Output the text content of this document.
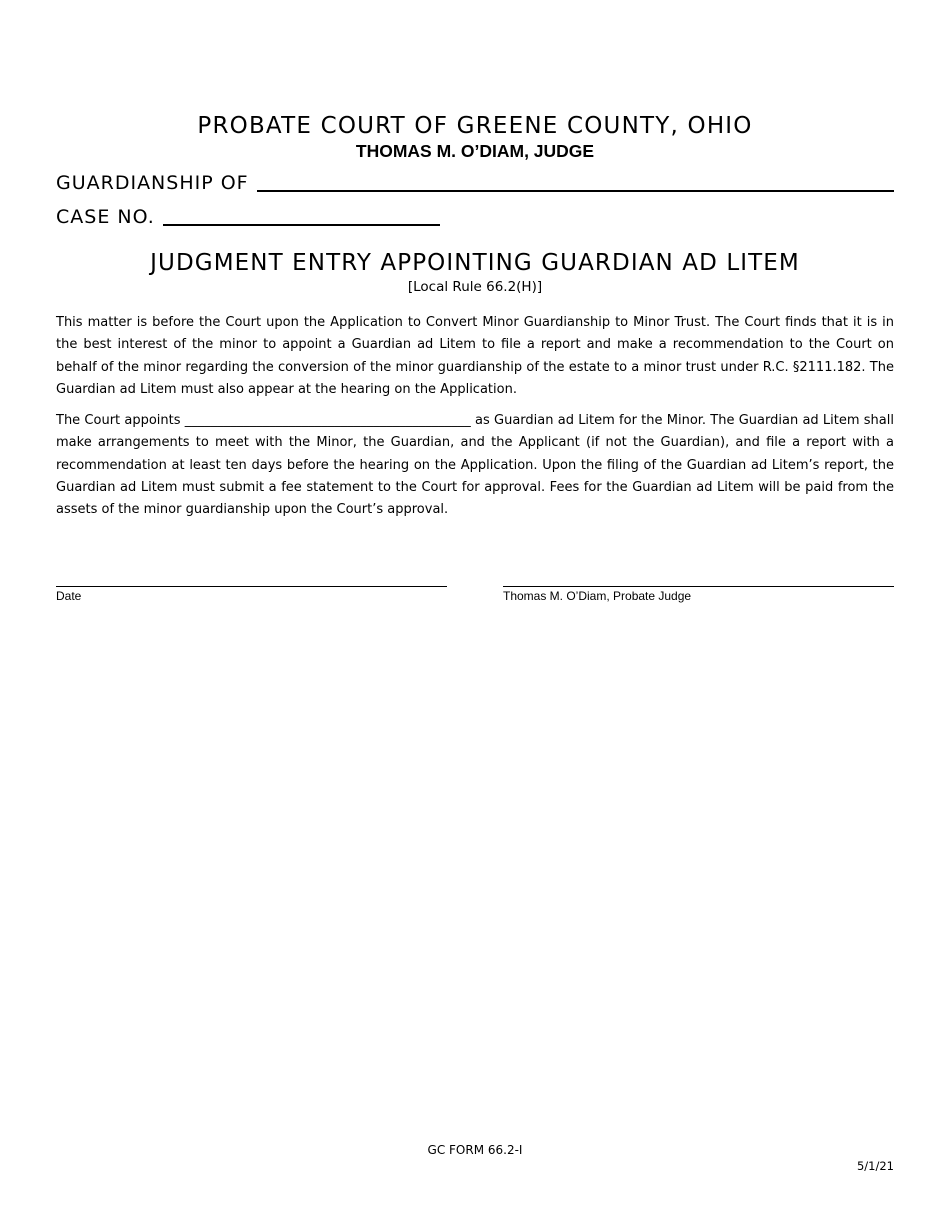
PROBATE COURT OF GREENE COUNTY, OHIO
THOMAS M. O’DIAM, JUDGE
GUARDIANSHIP OF
CASE NO.
JUDGMENT ENTRY APPOINTING GUARDIAN AD LITEM
[Local Rule 66.2(H)]

This matter is before the Court upon the Application to Convert Minor Guardianship to Minor Trust. The Court finds that it is in the best interest of the minor to appoint a Guardian ad Litem to file a report and make a recommendation to the Court on behalf of the minor regarding the conversion of the minor guardianship of the estate to a minor trust under R.C. §2111.182. The Guardian ad Litem must also appear at the hearing on the Application.

The Court appoints ____________________________________________ as Guardian ad Litem for the Minor. The Guardian ad Litem shall make arrangements to meet with the Minor, the Guardian, and the Applicant (if not the Guardian), and file a report with a recommendation at least ten days before the hearing on the Application. Upon the filing of the Guardian ad Litem’s report, the Guardian ad Litem must submit a fee statement to the Court for approval. Fees for the Guardian ad Litem will be paid from the assets of the minor guardianship upon the Court’s approval.

Date	Thomas M. O’Diam, Probate Judge
GC FORM 66.2-I
5/1/21
